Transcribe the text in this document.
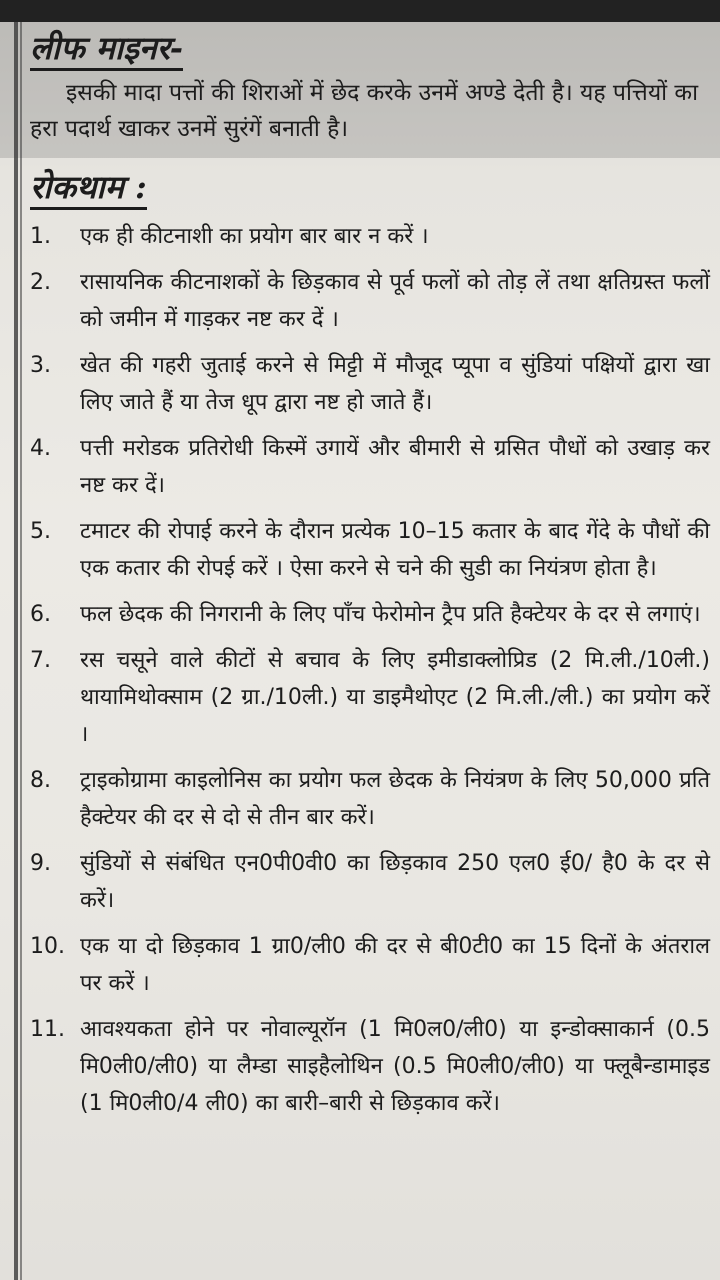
लीफ माइनर-

इसकी मादा पत्तों की शिराओं में छेद करके उनमें अण्डे देती है। यह पत्तियों का हरा पदार्थ खाकर उनमें सुरंगें बनाती है।

रोकथाम :
1.	एक ही कीटनाशी का प्रयोग बार बार न करें ।
2.	रासायनिक कीटनाशकों के छिड़काव से पूर्व फलों को तोड़ लें तथा क्षतिग्रस्त फलों को जमीन में गाड़कर नष्ट कर दें ।
3.	खेत की गहरी जुताई करने से मिट्टी में मौजूद प्यूपा व सुंडियां पक्षियों द्वारा खा लिए जाते हैं या तेज धूप द्वारा नष्ट हो जाते हैं।
4.	पत्ती मरोडक प्रतिरोधी किस्में उगायें और बीमारी से ग्रसित पौधों को उखाड़ कर नष्ट कर दें।
5.	टमाटर की रोपाई करने के दौरान प्रत्येक 10–15 कतार के बाद गेंदे के पौधों की एक कतार की रोपई करें । ऐसा करने से चने की सुडी का नियंत्रण होता है।
6.	फल छेदक की निगरानी के लिए पाँच फेरोमोन ट्रैप प्रति हैक्टेयर के दर से लगाएं।
7.	रस चसूने वाले कीटों से बचाव के लिए इमीडाक्लोप्रिड (2 मि.ली./10ली.) थायामिथोक्साम (2 ग्रा./10ली.) या डाइमैथोएट (2 मि.ली./ली.) का प्रयोग करें ।
8.	ट्राइकोग्रामा काइलोनिस का प्रयोग फल छेदक के नियंत्रण के लिए 50,000 प्रति हैक्टेयर की दर से दो से तीन बार करें।
9.	सुंडियों से संबंधित एन0पी0वी0 का छिड़काव 250 एल0 ई0/ है0 के दर से करें।
10. एक या दो छिड़काव 1 ग्रा0/ली0 की दर से बी0टी0 का 15 दिनों के अंतराल पर करें ।
11. आवश्यकता होने पर नोवाल्यूरॉन (1 मि0ल0/ली0) या इन्डोक्साकार्न (0.5 मि0ली0/ली0) या लैम्डा साइहैलोथिन (0.5 मि0ली0/ली0) या फ्लूबैन्डामाइड (1 मि0ली0/4 ली0) का बारी–बारी से छिड़काव करें।
